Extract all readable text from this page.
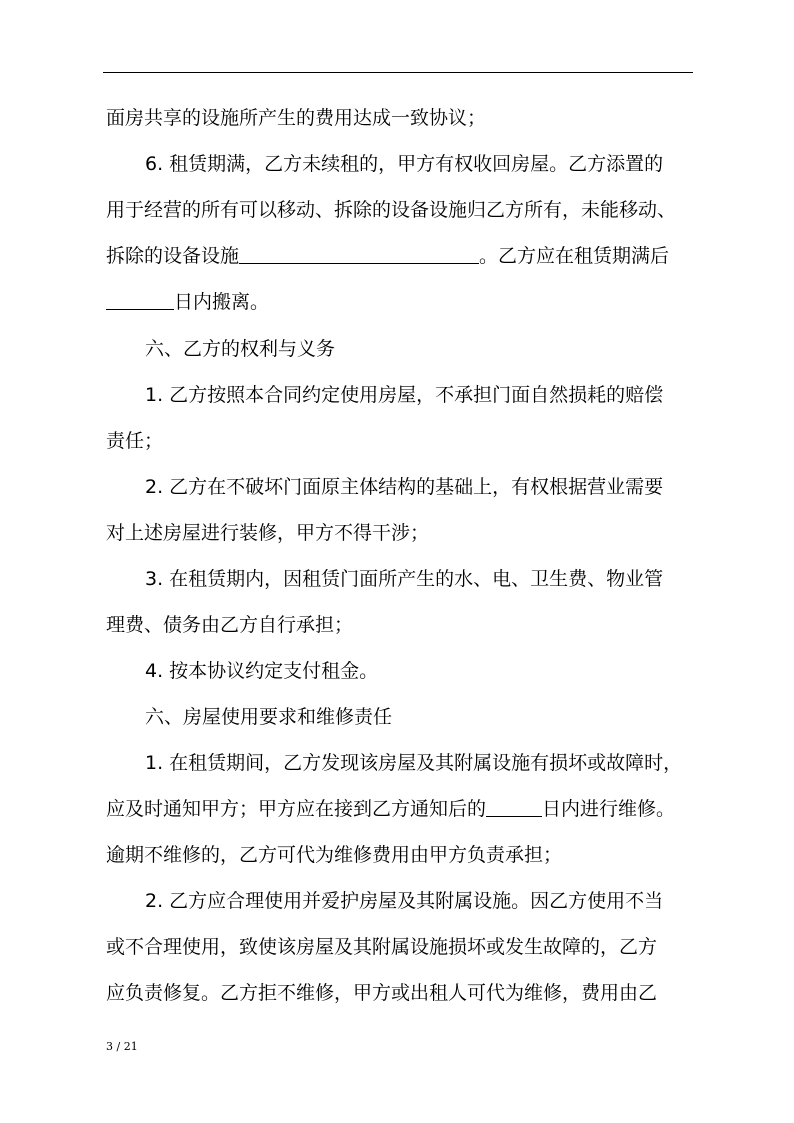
面房共享的设施所产生的费用达成一致协议；
6. 租赁期满，乙方未续租的，甲方有权收回房屋。乙方添置的
用于经营的所有可以移动、拆除的设备设施归乙方所有，未能移动、
拆除的设备设施	。乙方应在租赁期满后
日内搬离。
六、乙方的权利与义务
1. 乙方按照本合同约定使用房屋，不承担门面自然损耗的赔偿
责任；
2. 乙方在不破坏门面原主体结构的基础上，有权根据营业需要
对上述房屋进行装修，甲方不得干涉；
3. 在租赁期内，因租赁门面所产生的水、电、卫生费、物业管
理费、债务由乙方自行承担；
4. 按本协议约定支付租金。
六、房屋使用要求和维修责任
1. 在租赁期间，乙方发现该房屋及其附属设施有损坏或故障时，
应及时通知甲方；甲方应在接到乙方通知后的	日内进行维修。
逾期不维修的，乙方可代为维修费用由甲方负责承担；
2. 乙方应合理使用并爱护房屋及其附属设施。因乙方使用不当
或不合理使用，致使该房屋及其附属设施损坏或发生故障的，乙方
应负责修复。乙方拒不维修，甲方或出租人可代为维修，费用由乙
3 / 21
